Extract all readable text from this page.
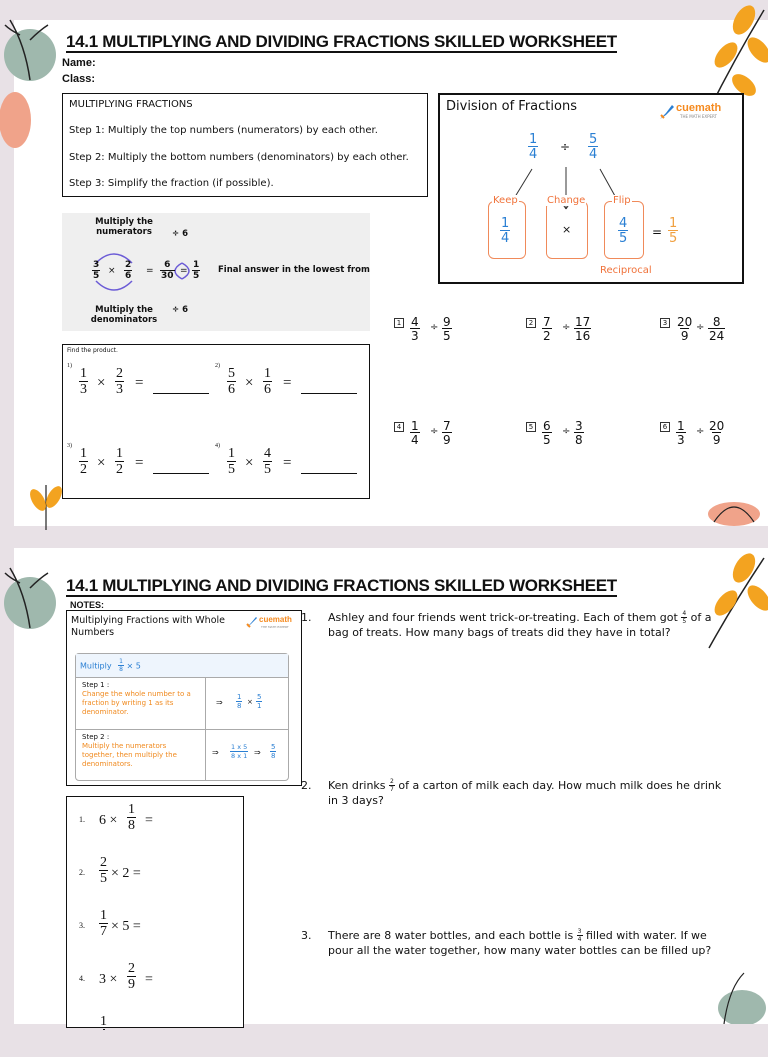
14.1 MULTIPLYING AND DIVIDING FRACTIONS SKILLED WORKSHEET
Name:
Class:
MULTIPLYING FRACTIONS
Step 1: Multiply the top numbers (numerators) by each other.
Step 2: Multiply the bottom numbers (denominators) by each other.
Step 3: Simplify the fraction (if possible).
Division of Fractions	cuemath
THE MATH EXPERT
$\frac{1}{4} \div \frac{5}{4}$
Keep
$\frac{1}{4}$
Change
×
Flip
$\frac{4}{5} = \frac{1}{5}$
Reciprocal
Multiply the numerators
Multiply the denominators
÷ 6
÷ 6
$\frac{3}{5} \times \frac{2}{6} = \frac{6}{30} = \frac{1}{5}$ Final answer in the lowest from
$1 \frac{4}{3} \div \frac{9}{5}$	$2 \frac{7}{2} \div \frac{17}{16}$	$3 \frac{20}{9} \div \frac{8}{24}$
$4 \frac{1}{4} \div \frac{7}{9}$	$5 \frac{6}{5} \div \frac{3}{8}$	$6 \frac{1}{3} \div \frac{20}{9}$
Find the product.
1)
$\frac{1}{3} \times \frac{2}{3}$ =
2)
$\frac{5}{6} \times \frac{1}{6}$ =
3)
$\frac{1}{2} \times \frac{1}{2}$ =
4)
$\frac{1}{5} \times \frac{4}{5}$ =
14.1 MULTIPLYING AND DIVIDING FRACTIONS SKILLED WORKSHEET
NOTES:
Multiplying Fractions with Whole Numbers
cuemath
THE MATH EXPERT
Multiply $\frac{1}{8} \times 5$
Step 1 :
Change the whole number to a fraction by writing 1 as its denominator.
⇒ $\frac{1}{8} \times \frac{5}{1}$
Step 2 :
Multiply the numerators together, then multiply the denominators.
⇒ $\frac{1 x 5}{8 x 1}$ ⇒ $\frac{5}{8}$
1. $6 \times \frac{1}{8}$ =
2. $\frac{2}{5} \times 2$ =
3. $\frac{1}{7} \times 5$ =
4. $3 \times \frac{2}{9}$ =
1
1. Ashley and four friends went trick-or-treating. Each of them got $\frac{4}{5}$ of a bag of treats. How many bags of treats did they have in total?
2. Ken drinks $\frac{2}{7}$ of a carton of milk each day. How much milk does he drink in 3 days?
3. There are 8 water bottles, and each bottle is $\frac{3}{4}$ filled with water. If we pour all the water together, how many water bottles can be filled up?
